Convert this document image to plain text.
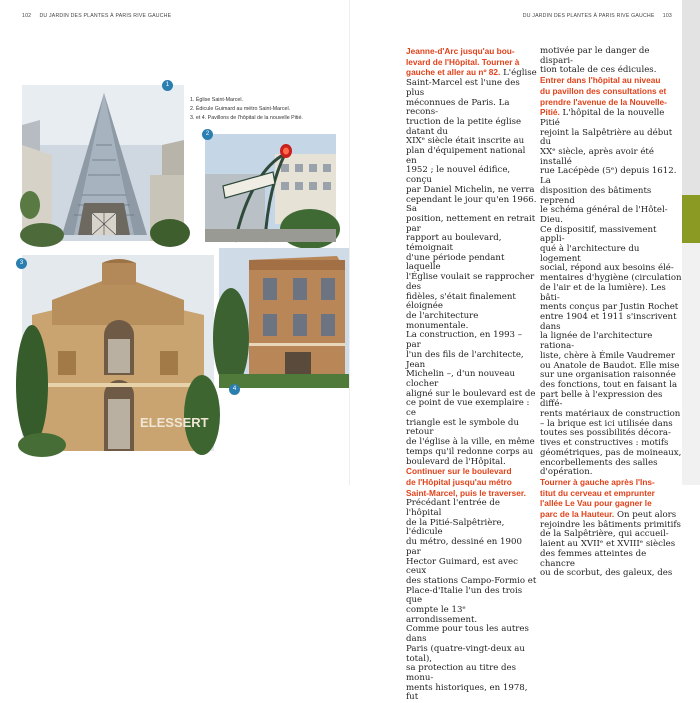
102 DU JARDIN DES PLANTES À PARIS RIVE GAUCHE
1
1. Église Saint-Marcel.
2. Édicule Guimard au métro Saint-Marcel.
3. et 4. Pavillons de l'hôpital de la nouvelle Pitié.
2
ELESSERT
3
4
DU JARDIN DES PLANTES À PARIS RIVE GAUCHE 103

Jeanne-d'Arc jusqu'au bou-

levard de l'Hôpital. Tourner à

gauche et aller au nº 82. L'église

Saint-Marcel est l'une des plus

méconnues de Paris. La recons-

truction de la petite église datant du

XIXᵉ siècle était inscrite au

plan d'équipement national en

1952 ; le nouvel édifice, conçu

par Daniel Michelin, ne verra

cependant le jour qu'en 1966. Sa

position, nettement en retrait par

rapport au boulevard, témoignait

d'une période pendant laquelle

l'Église voulait se rapprocher des

fidèles, s'était finalement éloignée

de l'architecture monumentale.

La construction, en 1993 – par

l'un des fils de l'architecte, Jean

Michelin –, d'un nouveau clocher

aligné sur le boulevard est de

ce point de vue exemplaire : ce

triangle est le symbole du retour

de l'église à la ville, en même

temps qu'il redonne corps au

boulevard de l'Hôpital.

Continuer sur le boulevard

de l'Hôpital jusqu'au métro

Saint-Marcel, puis le traverser.

Précédant l'entrée de l'hôpital

de la Pitié-Salpêtrière, l'édicule

du métro, dessiné en 1900 par

Hector Guimard, est avec ceux

des stations Campo-Formio et

Place-d'Italie l'un des trois que

compte le 13ᵉ arrondissement.

Comme pour tous les autres dans

Paris (quatre-vingt-deux au total),

sa protection au titre des monu-

ments historiques, en 1978, fut

motivée par le danger de dispari-

tion totale de ces édicules.

Entrer dans l'hôpital au niveau

du pavillon des consultations et

prendre l'avenue de la Nouvelle-

Pitié. L'hôpital de la nouvelle Pitié

rejoint la Salpêtrière au début du

XXᵉ siècle, après avoir été installé

rue Lacépède (5ᵉ) depuis 1612. La

disposition des bâtiments reprend

le schéma général de l'Hôtel-Dieu.

Ce dispositif, massivement appli-

qué à l'architecture du logement

social, répond aux besoins élé-

mentaires d'hygiène (circulation

de l'air et de la lumière). Les bâti-

ments conçus par Justin Rochet

entre 1904 et 1911 s'inscrivent dans

la lignée de l'architecture rationa-

liste, chère à Émile Vaudremer

ou Anatole de Baudot. Elle mise

sur une organisation raisonnée

des fonctions, tout en faisant la

part belle à l'expression des diffé-

rents matériaux de construction

– la brique est ici utilisée dans

toutes ses possibilités décora-

tives et constructives : motifs

géométriques, pas de moineaux,

encorbellements des salles

d'opération.

Tourner à gauche après l'Ins-

titut du cerveau et emprunter

l'allée Le Vau pour gagner le

parc de la Hauteur. On peut alors

rejoindre les bâtiments primitifs

de la Salpêtrière, qui accueil-

laient au XVIIᵉ et XVIIIᵉ siècles

des femmes atteintes de chancre

ou de scorbut, des galeux, des
